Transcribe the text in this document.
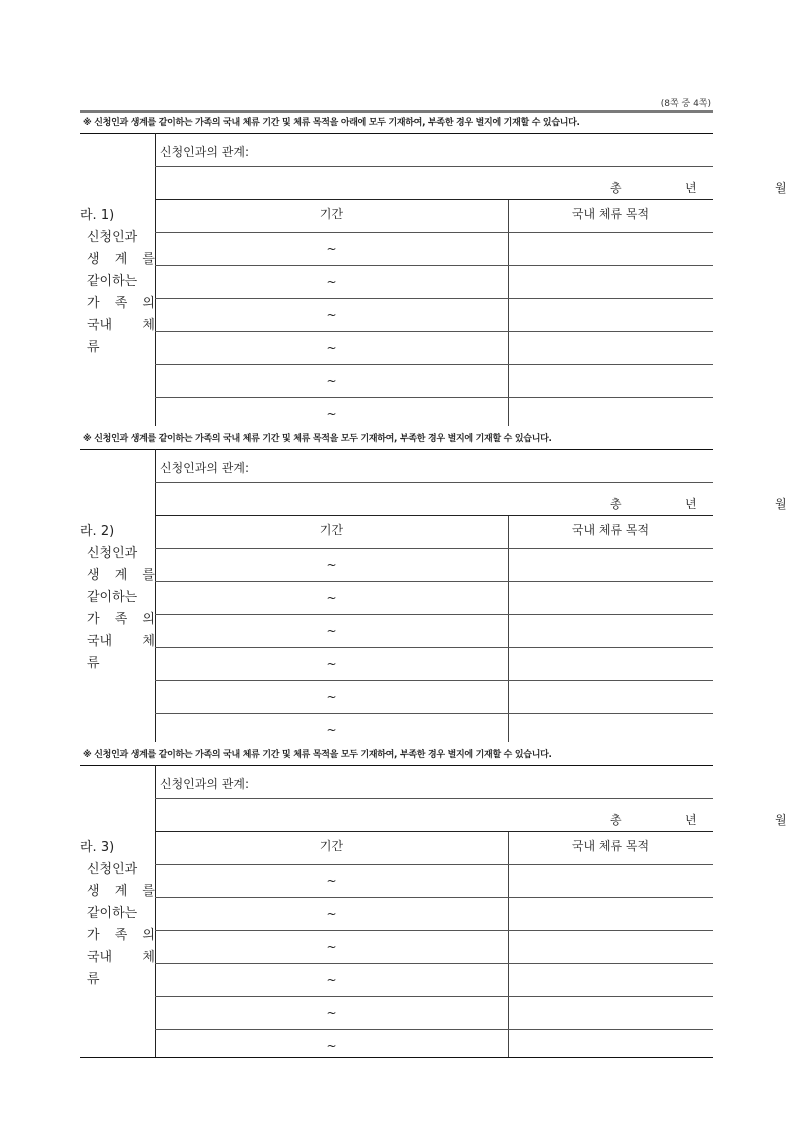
(8쪽 중 4쪽)
※ 신청인과 생계를 같이하는 가족의 국내 체류 기간 및 체류 목적을 아래에 모두 기재하여, 부족한 경우 별지에 기재할 수 있습니다.
신청인과의 관계:
총	년	월
기간	국내 체류 목적
~
~
~
~
~
~
라. 1)
신청인과
생 계 를
같이하는
가 족 의
국내 체
류
※ 신청인과 생계를 같이하는 가족의 국내 체류 기간 및 체류 목적을 모두 기재하여, 부족한 경우 별지에 기재할 수 있습니다.
신청인과의 관계:
총	년	월
기간	국내 체류 목적
~
~
~
~
~
~
라. 2)
신청인과
생 계 를
같이하는
가 족 의
국내 체
류
※ 신청인과 생계를 같이하는 가족의 국내 체류 기간 및 체류 목적을 모두 기재하여, 부족한 경우 별지에 기재할 수 있습니다.
신청인과의 관계:
총	년	월
기간	국내 체류 목적
~
~
~
~
~
~
라. 3)
신청인과
생 계 를
같이하는
가 족 의
국내 체
류
